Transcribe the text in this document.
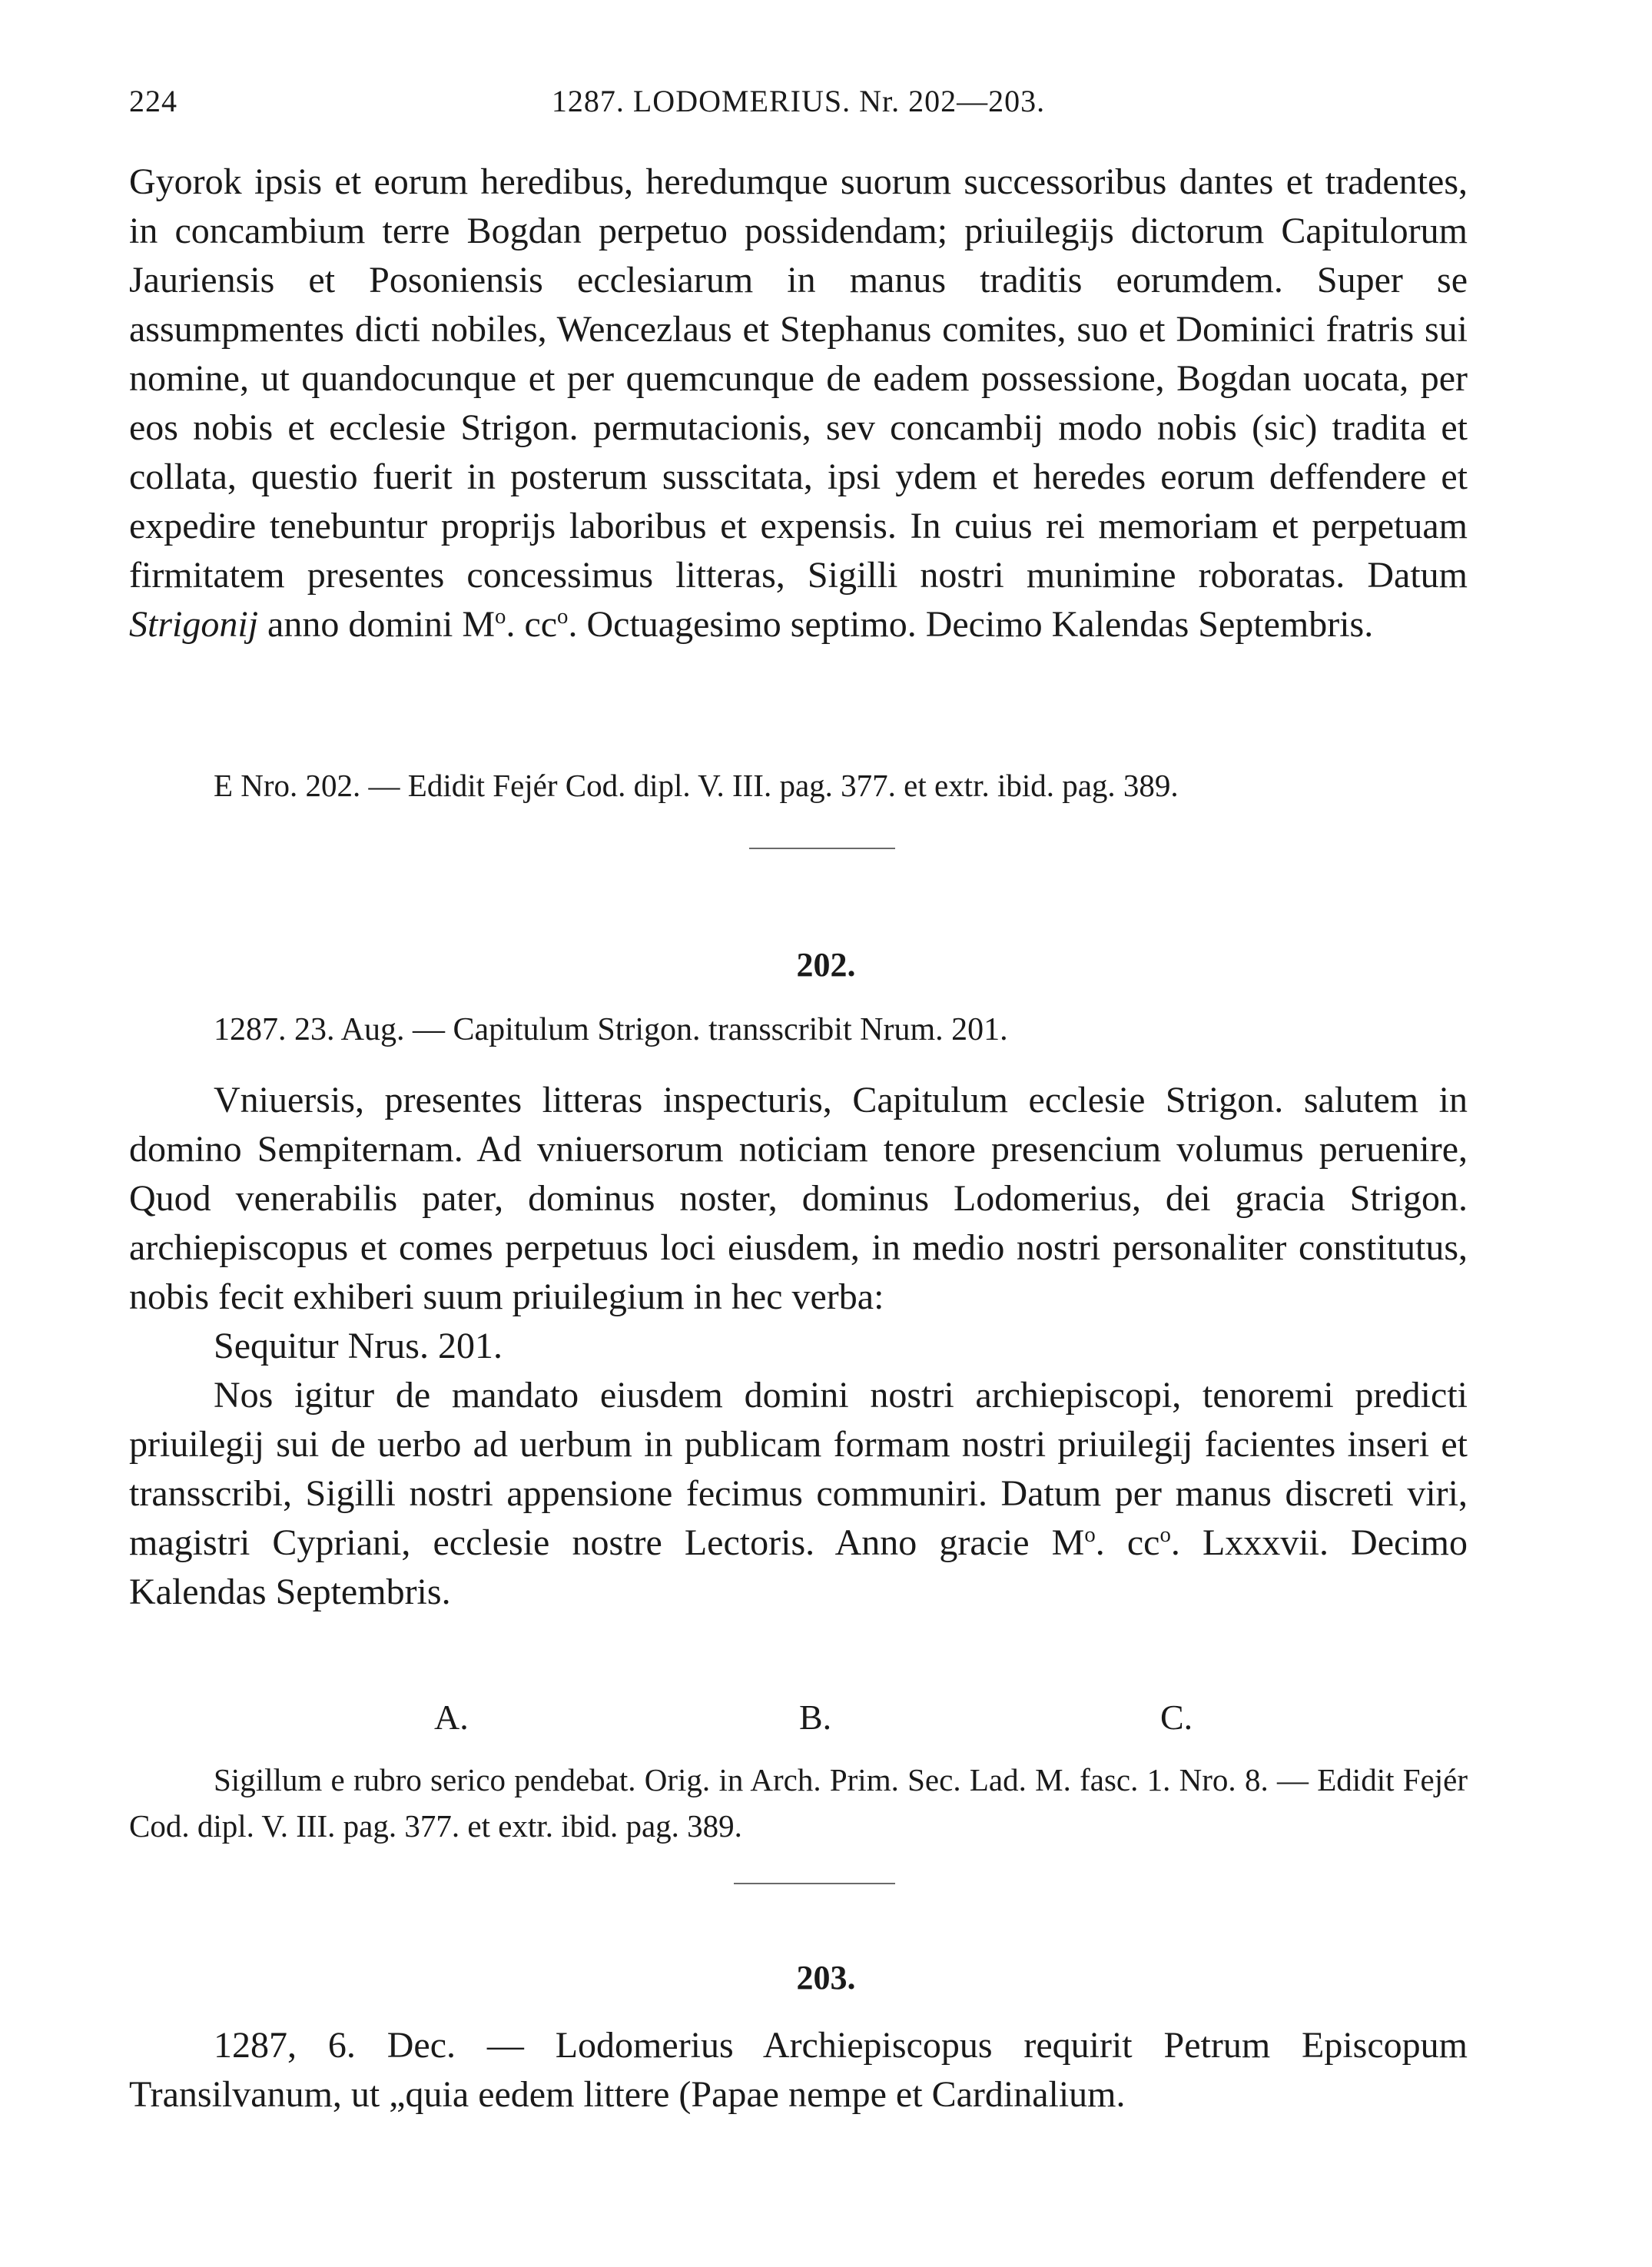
224	1287. LODOMERIUS. Nr. 202—203.

Gyorok ipsis et eorum heredibus, heredumque suorum successoribus dantes et tradentes, in concambium terre Bogdan perpetuo possidendam; priuilegijs dictorum Capitulorum Jauriensis et Posoniensis ecclesiarum in manus traditis eorumdem. Super se assumpmentes dicti nobiles, Wencezlaus et Stephanus comites, suo et Dominici fratris sui nomine, ut quandocunque et per quemcunque de eadem possessione, Bogdan uocata, per eos nobis et ecclesie Strigon. permutacionis, sev concambij modo nobis (sic) tradita et collata, questio fuerit in posterum susscitata, ipsi ydem et heredes eorum deffendere et expedire tenebuntur proprijs laboribus et expensis. In cuius rei memoriam et perpetuam firmitatem presentes concessimus litteras, Sigilli nostri munimine roboratas. Datum Strigonij anno domini $M^o$. $cc^o$. Octuagesimo septimo. Decimo Kalendas Septembris.

E Nro. 202. — Edidit Fejér Cod. dipl. V. III. pag. 377. et extr. ibid. pag. 389.

202.

1287. 23. Aug. — Capitulum Strigon. transscribit Nrum. 201.

Vniuersis, presentes litteras inspecturis, Capitulum ecclesie Strigon. salutem in domino Sempiternam. Ad vniuersorum noticiam tenore presencium volumus peruenire, Quod venerabilis pater, dominus noster, dominus Lodomerius, dei gracia Strigon. archiepiscopus et comes perpetuus loci eiusdem, in medio nostri personaliter constitutus, nobis fecit exhiberi suum priuilegium in hec verba:

Sequitur Nrus. 201.

Nos igitur de mandato eiusdem domini nostri archiepiscopi, tenoremi predicti priuilegij sui de uerbo ad uerbum in publicam formam nostri priuilegij facientes inseri et transscribi, Sigilli nostri appensione fecimus communiri. Datum per manus discreti viri, magistri Cypriani, ecclesie nostre Lectoris. Anno gracie $M^o$. $cc^o$. Lxxxvii. Decimo Kalendas Septembris.

A.	B.	C.

Sigillum e rubro serico pendebat. Orig. in Arch. Prim. Sec. Lad. M. fasc. 1. Nro. 8. — Edidit Fejér Cod. dipl. V. III. pag. 377. et extr. ibid. pag. 389.

203.

1287, 6. Dec. — Lodomerius Archiepiscopus requirit Petrum Episcopum Transilvanum, ut „quia eedem littere (Papae nempe et Cardinalium.
